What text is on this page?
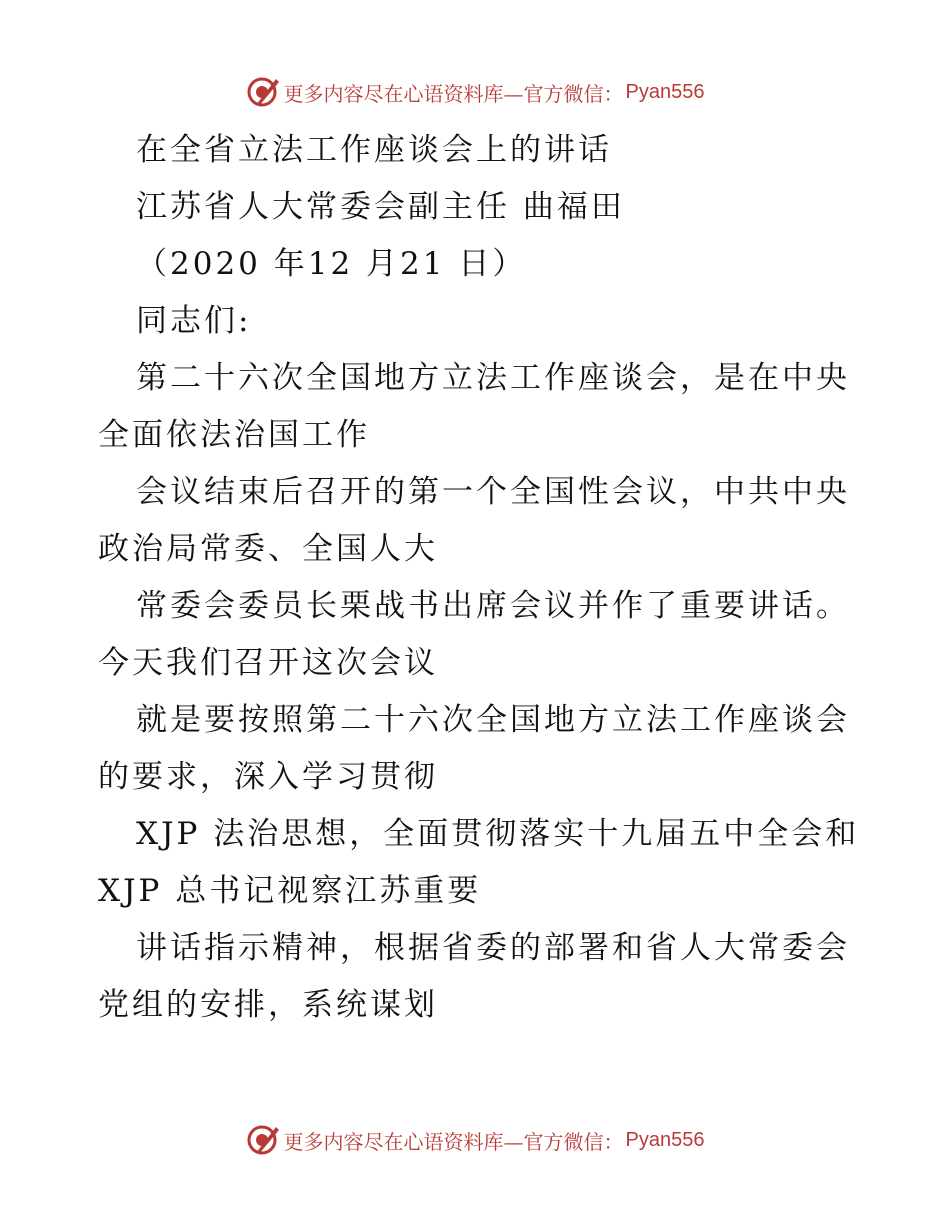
更多内容尽在心语资料库—官方微信： Pyan556
在全省立法工作座谈会上的讲话
江苏省人大常委会副主任 曲福田
（2020 年12 月21 日）
同志们:
第二十六次全国地方立法工作座谈会，是在中央
全面依法治国工作
会议结束后召开的第一个全国性会议，中共中央
政治局常委、全国人大
常委会委员长栗战书出席会议并作了重要讲话。
今天我们召开这次会议
就是要按照第二十六次全国地方立法工作座谈会
的要求，深入学习贯彻
XJP 法治思想，全面贯彻落实十九届五中全会和
XJP 总书记视察江苏重要
讲话指示精神，根据省委的部署和省人大常委会
党组的安排，系统谋划
更多内容尽在心语资料库—官方微信： Pyan556
